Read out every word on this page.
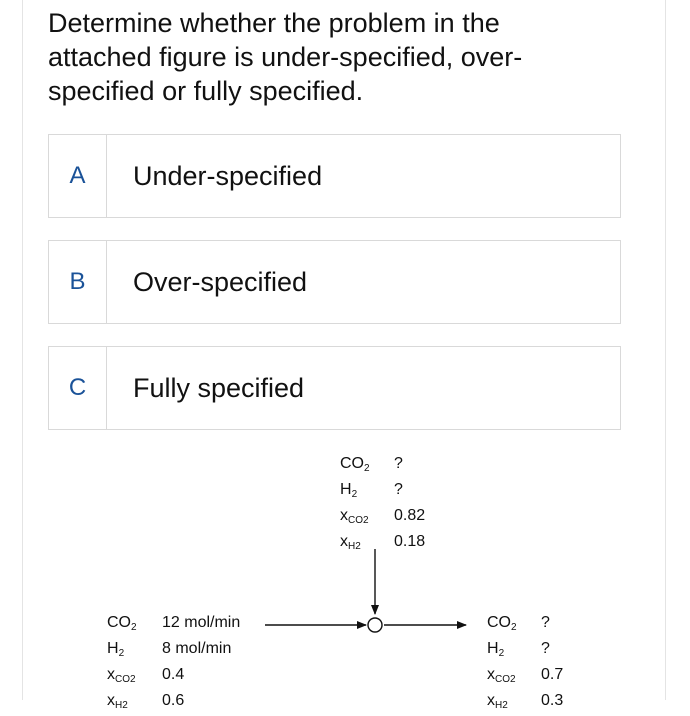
Determine whether the problem in the attached figure is under-specified, over-specified or fully specified.
A	Under-specified
B	Over-specified
C	Fully specified
$CO_2$	?
$H_2$	?
$x_{CO2}$	0.82
$x_{H2}$	0.18
$CO_2$	12 mol/min
$H_2$	8 mol/min
$x_{CO2}$	0.4
$x_{H2}$	0.6
$CO_2$	?
$H_2$	?
$x_{CO2}$	0.7
$x_{H2}$	0.3
